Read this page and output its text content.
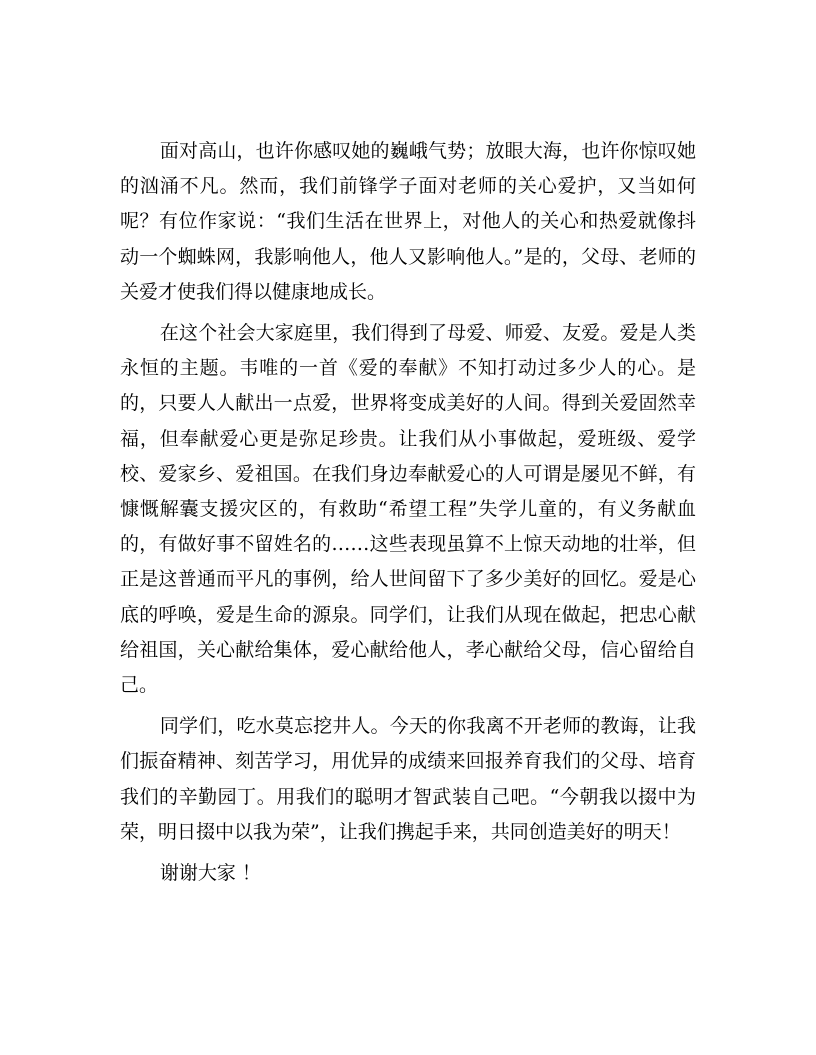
面对高山，也许你感叹她的巍峨气势；放眼大海，也许你惊叹她的汹涌不凡。然而，我们前锋学子面对老师的关心爱护，又当如何呢？有位作家说：“我们生活在世界上，对他人的关心和热爱就像抖动一个蜘蛛网，我影响他人，他人又影响他人。”是的，父母、老师的关爱才使我们得以健康地成长。

在这个社会大家庭里，我们得到了母爱、师爱、友爱。爱是人类永恒的主题。韦唯的一首《爱的奉献》不知打动过多少人的心。是的，只要人人献出一点爱，世界将变成美好的人间。得到关爱固然幸福，但奉献爱心更是弥足珍贵。让我们从小事做起，爱班级、爱学校、爱家乡、爱祖国。在我们身边奉献爱心的人可谓是屡见不鲜，有慷慨解囊支援灾区的，有救助“希望工程”失学儿童的，有义务献血的，有做好事不留姓名的……这些表现虽算不上惊天动地的壮举，但正是这普通而平凡的事例，给人世间留下了多少美好的回忆。爱是心底的呼唤，爱是生命的源泉。同学们，让我们从现在做起，把忠心献给祖国，关心献给集体，爱心献给他人，孝心献给父母，信心留给自己。

同学们，吃水莫忘挖井人。今天的你我离不开老师的教诲，让我们振奋精神、刻苦学习，用优异的成绩来回报养育我们的父母、培育我们的辛勤园丁。用我们的聪明才智武装自己吧。“今朝我以掇中为荣，明日掇中以我为荣”，让我们携起手来，共同创造美好的明天！

谢谢大家 ！
